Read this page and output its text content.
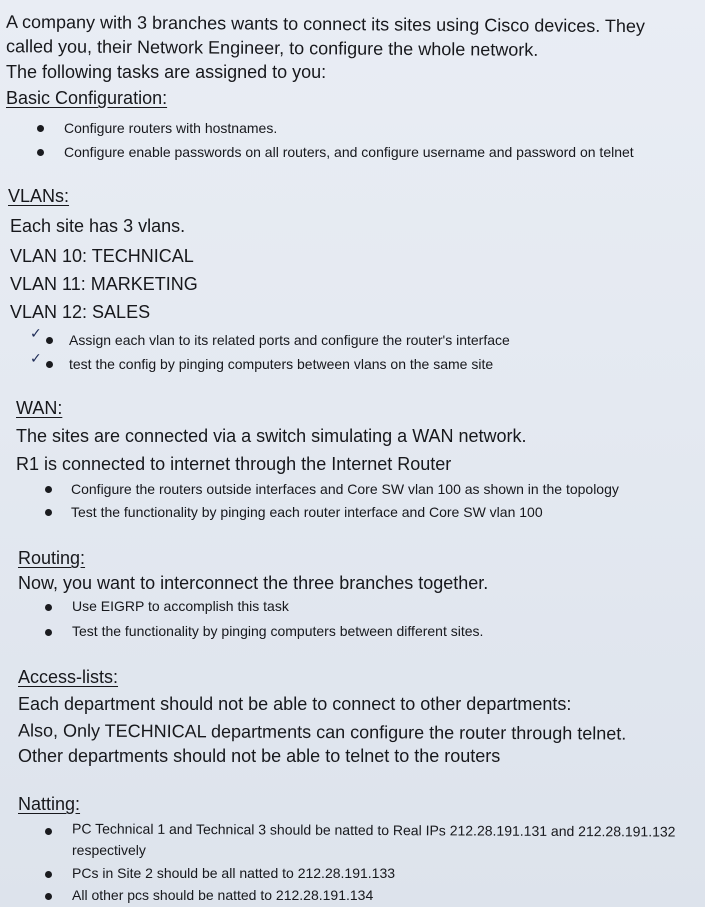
A company with 3 branches wants to connect its sites using Cisco devices. They
called you, their Network Engineer, to configure the whole network.
The following tasks are assigned to you:
Basic Configuration:
Configure routers with hostnames.
Configure enable passwords on all routers, and configure username and password on telnet
VLANs:
Each site has 3 vlans.
VLAN 10: TECHNICAL
VLAN 11: MARKETING
VLAN 12: SALES
✓ Assign each vlan to its related ports and configure the router's interface
✓ test the config by pinging computers between vlans on the same site
WAN:
The sites are connected via a switch simulating a WAN network.
R1 is connected to internet through the Internet Router
Configure the routers outside interfaces and Core SW vlan 100 as shown in the topology
Test the functionality by pinging each router interface and Core SW vlan 100
Routing:
Now, you want to interconnect the three branches together.
Use EIGRP to accomplish this task
Test the functionality by pinging computers between different sites.
Access-lists:
Each department should not be able to connect to other departments:
Also, Only TECHNICAL departments can configure the router through telnet.
Other departments should not be able to telnet to the routers
Natting:
PC Technical 1 and Technical 3 should be natted to Real IPs 212.28.191.131 and 212.28.191.132
respectively
PCs in Site 2 should be all natted to 212.28.191.133
All other pcs should be natted to 212.28.191.134
